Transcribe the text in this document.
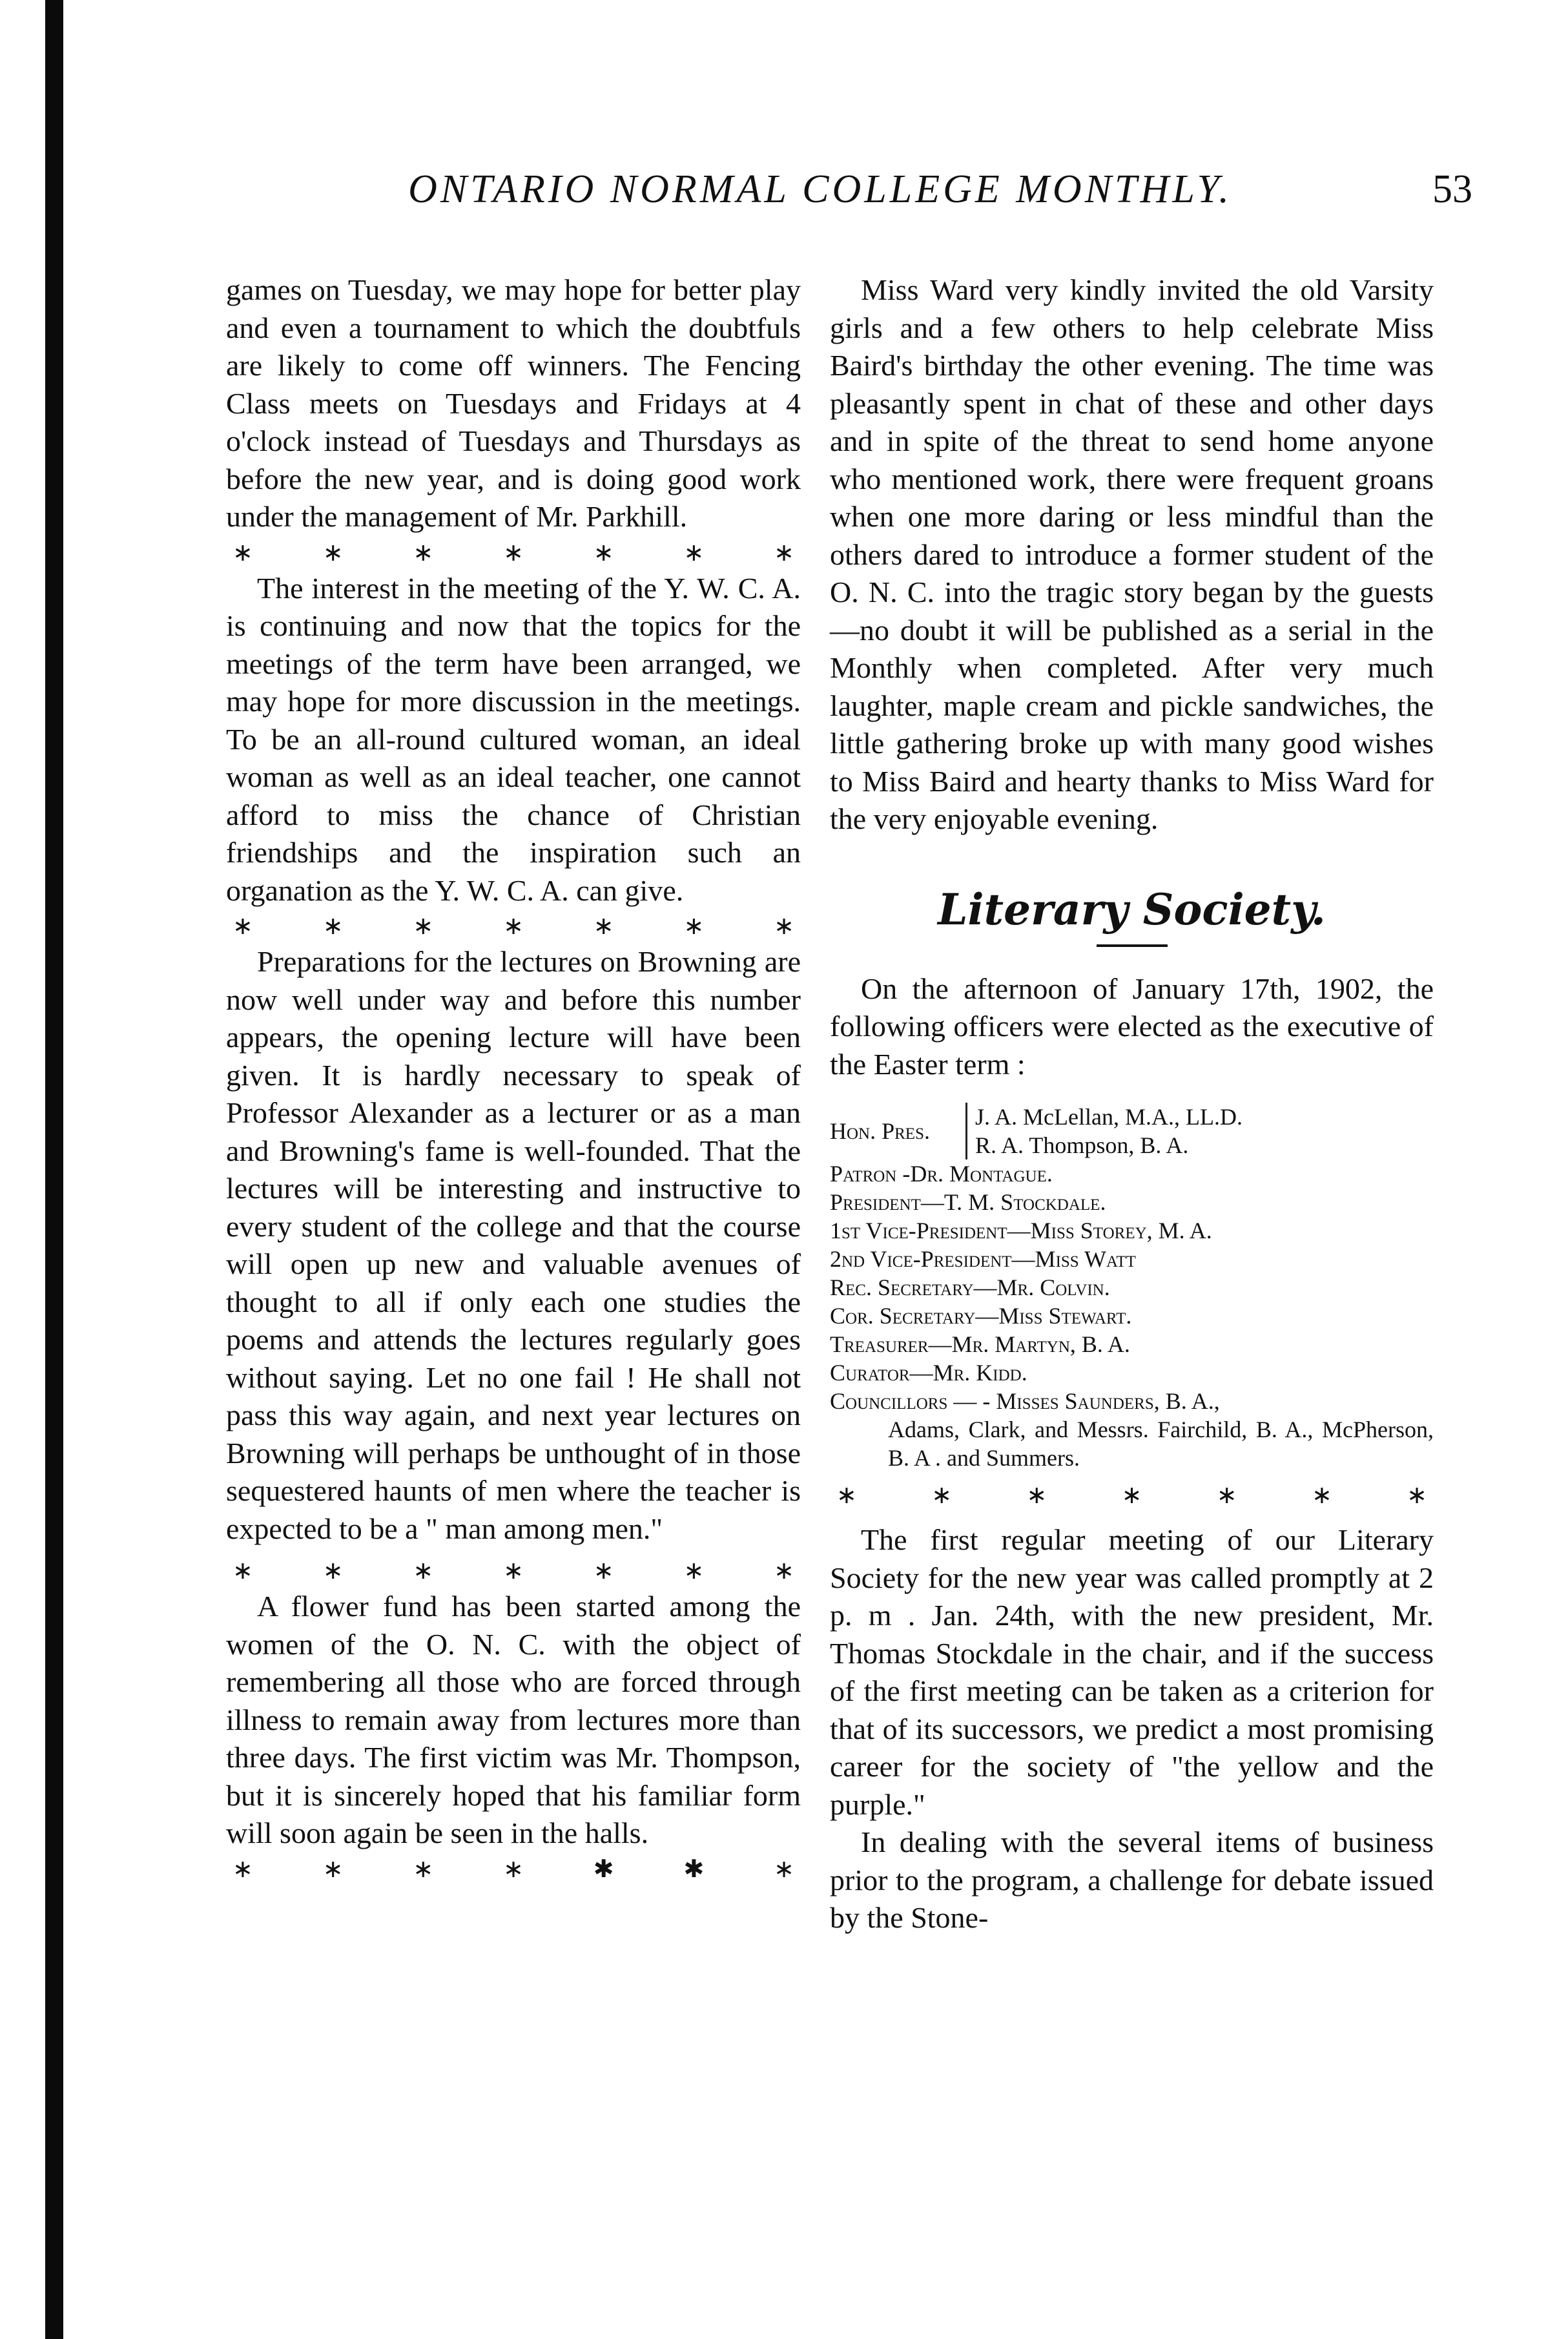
ONTARIO NORMAL COLLEGE MONTHLY.	53

games on Tuesday, we may hope for better play and even a tournament to which the doubtfuls are likely to come off winners. The Fencing Class meets on Tuesdays and Fridays at 4 o'clock instead of Tuesdays and Thursdays as before the new year, and is doing good work under the management of Mr. Parkhill.

∗	∗	∗	∗	∗	∗	∗

The interest in the meeting of the Y. W. C. A. is continuing and now that the topics for the meetings of the term have been arranged, we may hope for more discussion in the meetings. To be an all-round cultured woman, an ideal woman as well as an ideal teacher, one cannot afford to miss the chance of Christian friendships and the inspiration such an organation as the Y. W. C. A. can give.

∗	∗	∗	∗	∗	∗	∗

Preparations for the lectures on Browning are now well under way and before this number appears, the opening lecture will have been given. It is hardly necessary to speak of Professor Alexander as a lecturer or as a man and Browning's fame is well-founded. That the lectures will be interesting and instructive to every student of the college and that the course will open up new and valuable avenues of thought to all if only each one studies the poems and attends the lectures regularly goes without saying. Let no one fail ! He shall not pass this way again, and next year lectures on Browning will perhaps be unthought of in those sequestered haunts of men where the teacher is expected to be a " man among men."

∗	∗	∗	∗	∗	∗	∗

A flower fund has been started among the women of the O. N. C. with the object of remembering all those who are forced through illness to remain away from lectures more than three days. The first victim was Mr. Thompson, but it is sincerely hoped that his familiar form will soon again be seen in the halls.

∗	∗	∗	∗	✱	✱	∗

Miss Ward very kindly invited the old Varsity girls and a few others to help celebrate Miss Baird's birthday the other evening. The time was pleasantly spent in chat of these and other days and in spite of the threat to send home anyone who mentioned work, there were frequent groans when one more daring or less mindful than the others dared to introduce a former student of the O. N. C. into the tragic story began by the guests—no doubt it will be published as a serial in the Monthly when completed. After very much laughter, maple cream and pickle sandwiches, the little gathering broke up with many good wishes to Miss Baird and hearty thanks to Miss Ward for the very enjoyable evening.

Literary Society.

On the afternoon of January 17th, 1902, the following officers were elected as the executive of the Easter term :

Hon. Pres.
J. A. McLellan, M.A., LL.D.
R. A. Thompson, B. A.
Patron -Dr. Montague.
President—T. M. Stockdale.
1st Vice-President—Miss Storey, M. A.
2nd Vice-President—Miss Watt
Rec. Secretary—Mr. Colvin.
Cor. Secretary—Miss Stewart.
Treasurer—Mr. Martyn, B. A.
Curator—Mr. Kidd.
Councillors — - Misses Saunders, B. A.,
Adams, Clark, and Messrs. Fairchild, B. A., McPherson, B. A . and Summers.
∗	∗	∗	∗	∗	∗	∗

The first regular meeting of our Literary Society for the new year was called promptly at 2 p. m . Jan. 24th, with the new president, Mr. Thomas Stockdale in the chair, and if the success of the first meeting can be taken as a criterion for that of its successors, we predict a most promising career for the society of "the yellow and the purple."

In dealing with the several items of business prior to the program, a challenge for debate issued by the Stone-
